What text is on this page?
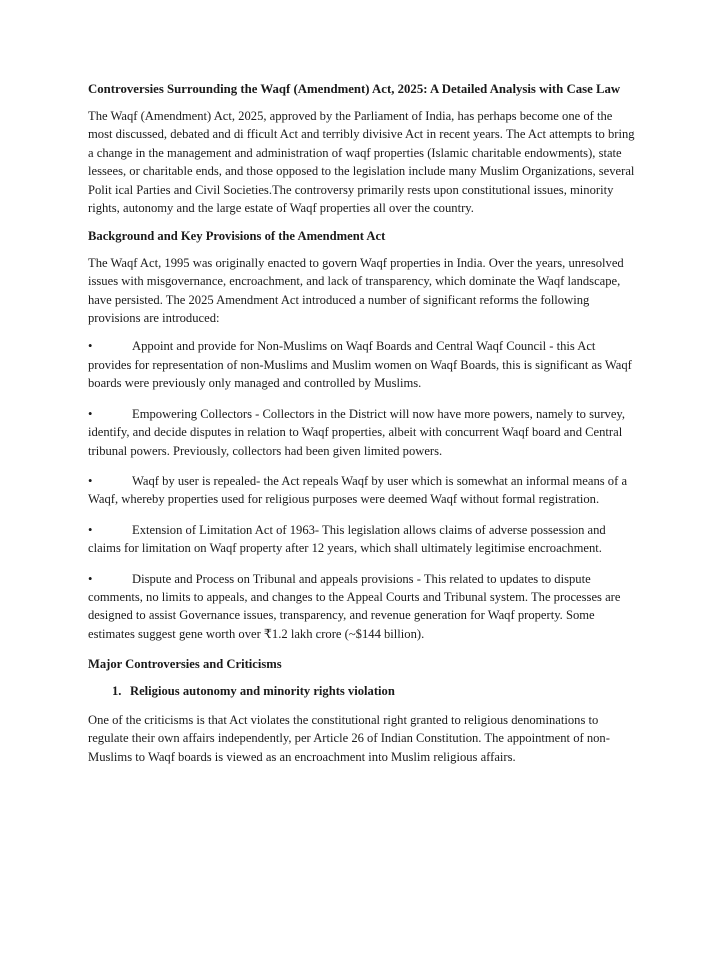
Controversies Surrounding the Waqf (Amendment) Act, 2025: A Detailed Analysis with Case Law

The Waqf (Amendment) Act, 2025, approved by the Parliament of India, has perhaps become one of the most discussed, debated and di fficult Act and terribly divisive Act in recent years. The Act attempts to bring a change in the management and administration of waqf properties (Islamic charitable endowments), state lessees, or charitable ends, and those opposed to the legislation include many Muslim Organizations, several Polit ical Parties and Civil Societies.The controversy primarily rests upon constitutional issues, minority rights, autonomy and the large estate of Waqf properties all over the country.

Background and Key Provisions of the Amendment Act

The Waqf Act, 1995 was originally enacted to govern Waqf properties in India. Over the years, unresolved issues with misgovernance, encroachment, and lack of transparency, which dominate the Waqf landscape, have persisted. The 2025 Amendment Act introduced a number of significant reforms the following provisions are introduced:

•	Appoint and provide for Non-Muslims on Waqf Boards and Central Waqf Council - this Act provides for representation of non-Muslims and Muslim women on Waqf Boards, this is significant as Waqf boards were previously only managed and controlled by Muslims.
•	Empowering Collectors - Collectors in the District will now have more powers, namely to survey, identify, and decide disputes in relation to Waqf properties, albeit with concurrent Waqf board and Central tribunal powers. Previously, collectors had been given limited powers.
•	Waqf by user is repealed- the Act repeals Waqf by user which is somewhat an informal means of a Waqf, whereby properties used for religious purposes were deemed Waqf without formal registration.
•	Extension of Limitation Act of 1963- This legislation allows claims of adverse possession and claims for limitation on Waqf property after 12 years, which shall ultimately legitimise encroachment.
•	Dispute and Process on Tribunal and appeals provisions - This related to updates to dispute comments, no limits to appeals, and changes to the Appeal Courts and Tribunal system. The processes are designed to assist Governance issues, transparency, and revenue generation for Waqf property. Some estimates suggest gene worth over ₹1.2 lakh crore (~$144 billion).
Major Controversies and Criticisms
1. Religious autonomy and minority rights violation

One of the criticisms is that Act violates the constitutional right granted to religious denominations to regulate their own affairs independently, per Article 26 of Indian Constitution. The appointment of non-Muslims to Waqf boards is viewed as an encroachment into Muslim religious affairs.
